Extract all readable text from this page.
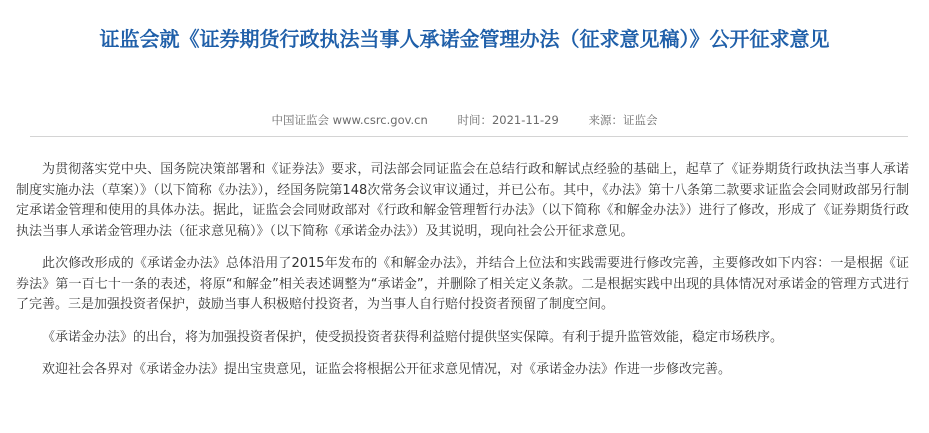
证监会就《证券期货行政执法当事人承诺金管理办法（征求意见稿）》公开征求意见
中国证监会 www.csrc.gov.cn	时间：2021-11-29	来源：证监会

为贯彻落实党中央、国务院决策部署和《证券法》要求，司法部会同证监会在总结行政和解试点经验的基础上，起草了《证券期货行政执法当事人承诺制度实施办法（草案）》（以下简称《办法》），经国务院第148次常务会议审议通过，并已公布。其中，《办法》第十八条第二款要求证监会会同财政部另行制定承诺金管理和使用的具体办法。据此，证监会会同财政部对《行政和解金管理暂行办法》（以下简称《和解金办法》）进行了修改，形成了《证券期货行政执法当事人承诺金管理办法（征求意见稿）》（以下简称《承诺金办法》）及其说明，现向社会公开征求意见。

此次修改形成的《承诺金办法》总体沿用了2015年发布的《和解金办法》，并结合上位法和实践需要进行修改完善，主要修改如下内容：一是根据《证券法》第一百七十一条的表述，将原“和解金”相关表述调整为“承诺金”，并删除了相关定义条款。二是根据实践中出现的具体情况对承诺金的管理方式进行了完善。三是加强投资者保护，鼓励当事人积极赔付投资者，为当事人自行赔付投资者预留了制度空间。

《承诺金办法》的出台，将为加强投资者保护，使受损投资者获得利益赔付提供坚实保障。有利于提升监管效能，稳定市场秩序。

欢迎社会各界对《承诺金办法》提出宝贵意见，证监会将根据公开征求意见情况，对《承诺金办法》作进一步修改完善。
